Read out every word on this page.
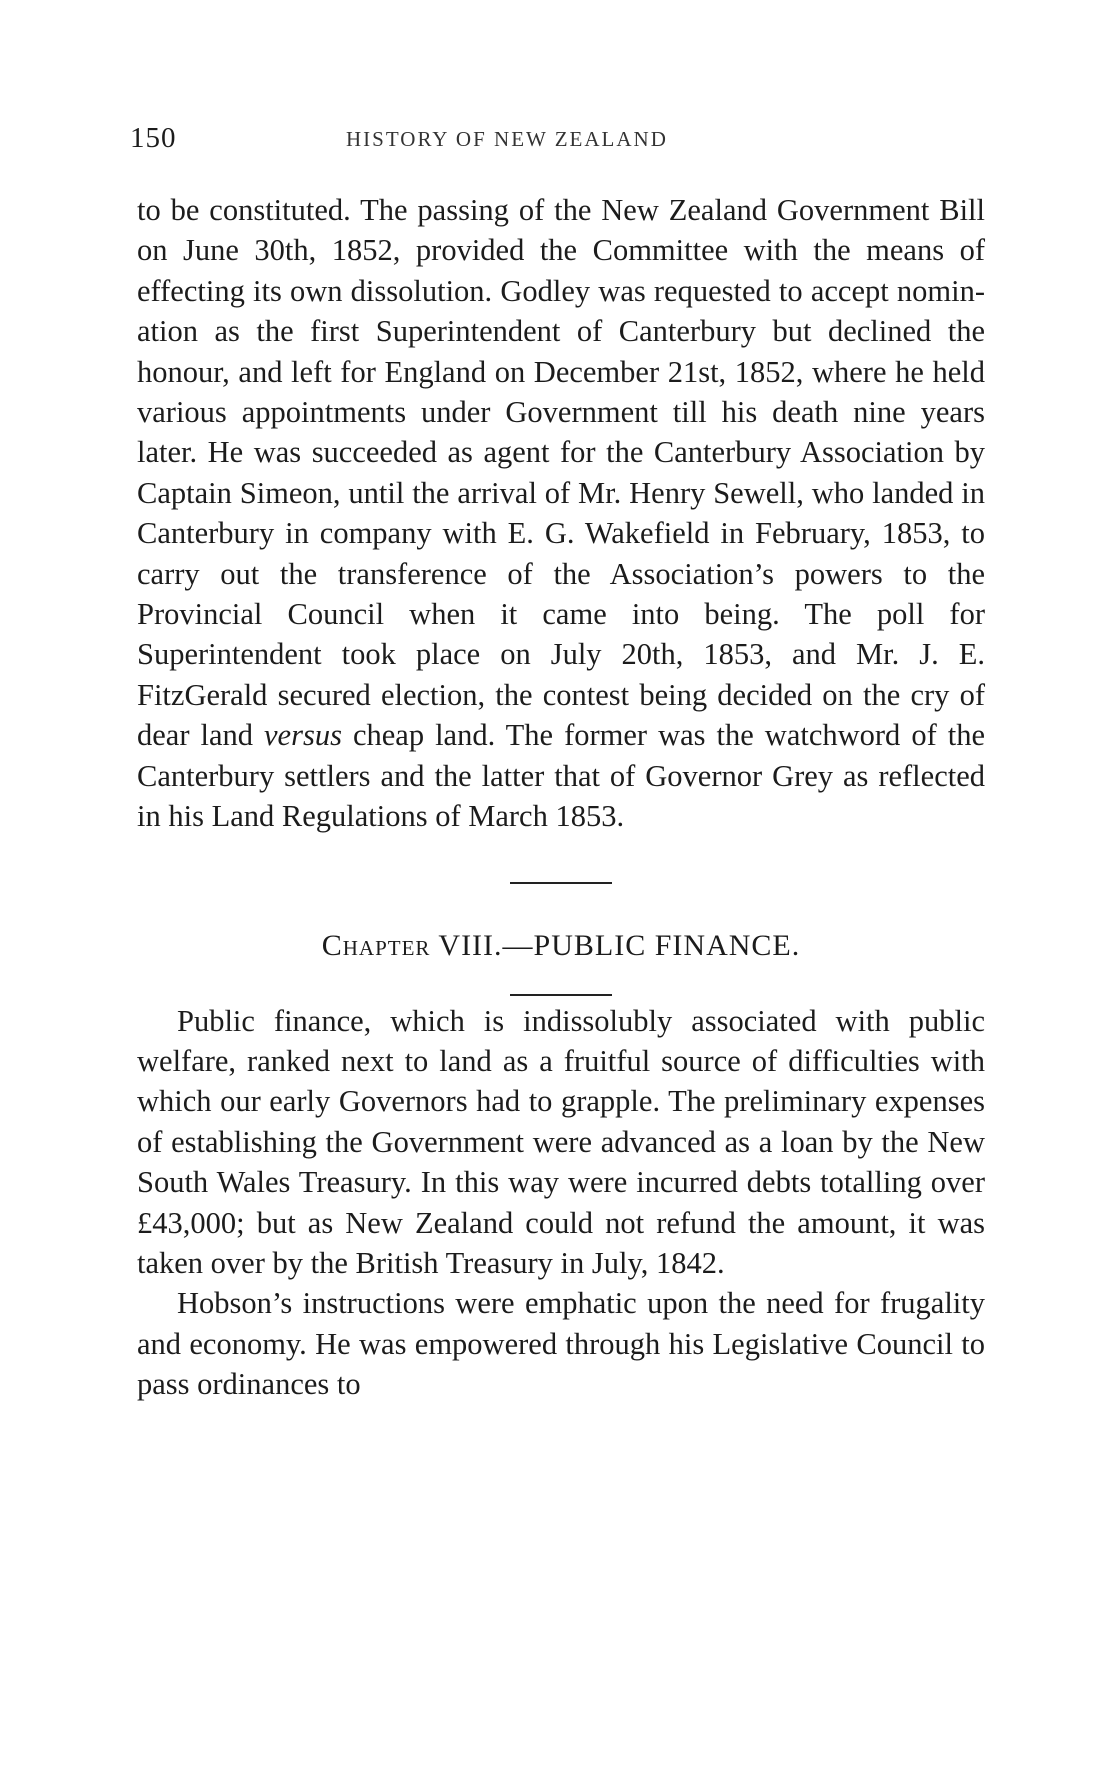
150	HISTORY OF NEW ZEALAND

to be constituted. The passing of the New Zealand Government Bill on June 30th, 1852, provided the Committee with the means of effecting its own dissolution. Godley was requested to accept nomination as the first Superintendent of Canterbury but declined the honour, and left for England on December 21st, 1852, where he held various appointments under Government till his death nine years later. He was succeeded as agent for the Canterbury Association by Captain Simeon, until the arrival of Mr. Henry Sewell, who landed in Canterbury in company with E. G. Wakefield in February, 1853, to carry out the transference of the Association’s powers to the Provincial Council when it came into being. The poll for Superintendent took place on July 20th, 1853, and Mr. J. E. FitzGerald secured election, the contest being decided on the cry of dear land versus cheap land. The former was the watchword of the Canterbury settlers and the latter that of Governor Grey as reflected in his Land Regulations of March 1853.

Chapter VIII.—PUBLIC FINANCE.

Public finance, which is indissolubly associated with public welfare, ranked next to land as a fruitful source of difficulties with which our early Governors had to grapple. The preliminary expenses of establishing the Government were advanced as a loan by the New South Wales Treasury. In this way were incurred debts totalling over £43,000; but as New Zealand could not refund the amount, it was taken over by the British Treasury in July, 1842.

Hobson’s instructions were emphatic upon the need for frugality and economy. He was empowered through his Legislative Council to pass ordinances to
